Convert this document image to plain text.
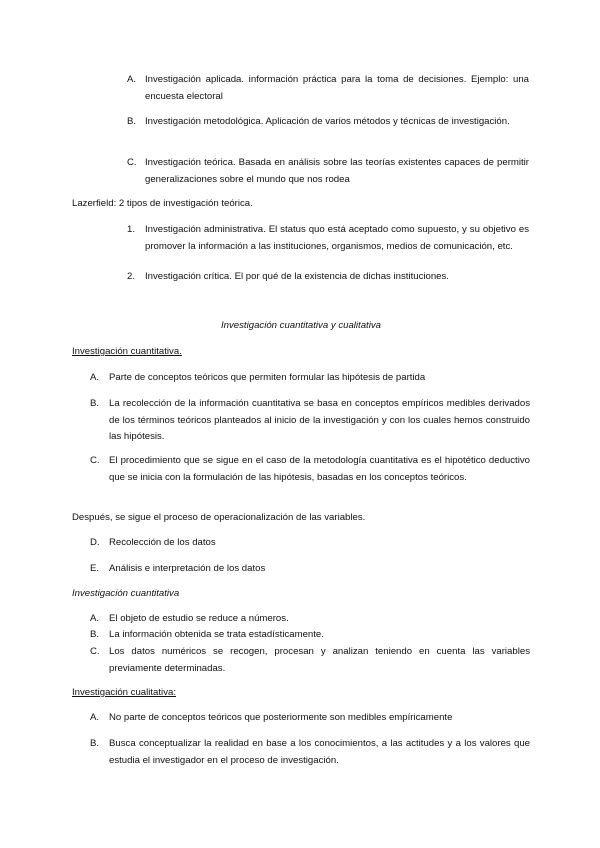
A. Investigación aplicada. información práctica para la toma de decisiones. Ejemplo: una encuesta electoral
B. Investigación metodológica. Aplicación de varios métodos y técnicas de investigación.
C. Investigación teórica. Basada en análisis sobre las teorías existentes capaces de permitir generalizaciones sobre el mundo que nos rodea
Lazerfield: 2 tipos de investigación teórica.
1.	Investigación administrativa. El status quo está aceptado como supuesto, y su objetivo es promover la información a las instituciones, organismos, medios de comunicación, etc.
2.	Investigación crítica. El por qué de la existencia de dichas instituciones.
Investigación cuantitativa y cualitativa
Investigación cuantitativa.
A.	Parte de conceptos teóricos que permiten formular las hipótesis de partida
B.	La recolección de la información cuantitativa se basa en conceptos empíricos medibles derivados de los términos teóricos planteados al inicio de la investigación y con los cuales hemos construido las hipótesis.
C. El procedimiento que se sigue en el caso de la metodología cuantitativa es el hipotético deductivo que se inicia con la formulación de las hipótesis, basadas en los conceptos teóricos.
Después, se sigue el proceso de operacionalización de las variables.
D. Recolección de los datos
E.	Análisis e interpretación de los datos
Investigación cuantitativa
A.	El objeto de estudio se reduce a números.
B.	La información obtenida se trata estadísticamente.
C. Los datos numéricos se recogen, procesan y analizan teniendo en cuenta las variables previamente determinadas.
Investigación cualitativa:
A.	No parte de conceptos teóricos que posteriormente son medibles empíricamente
B.	Busca conceptualizar la realidad en base a los conocimientos, a las actitudes y a los valores que estudia el investigador en el proceso de investigación.
